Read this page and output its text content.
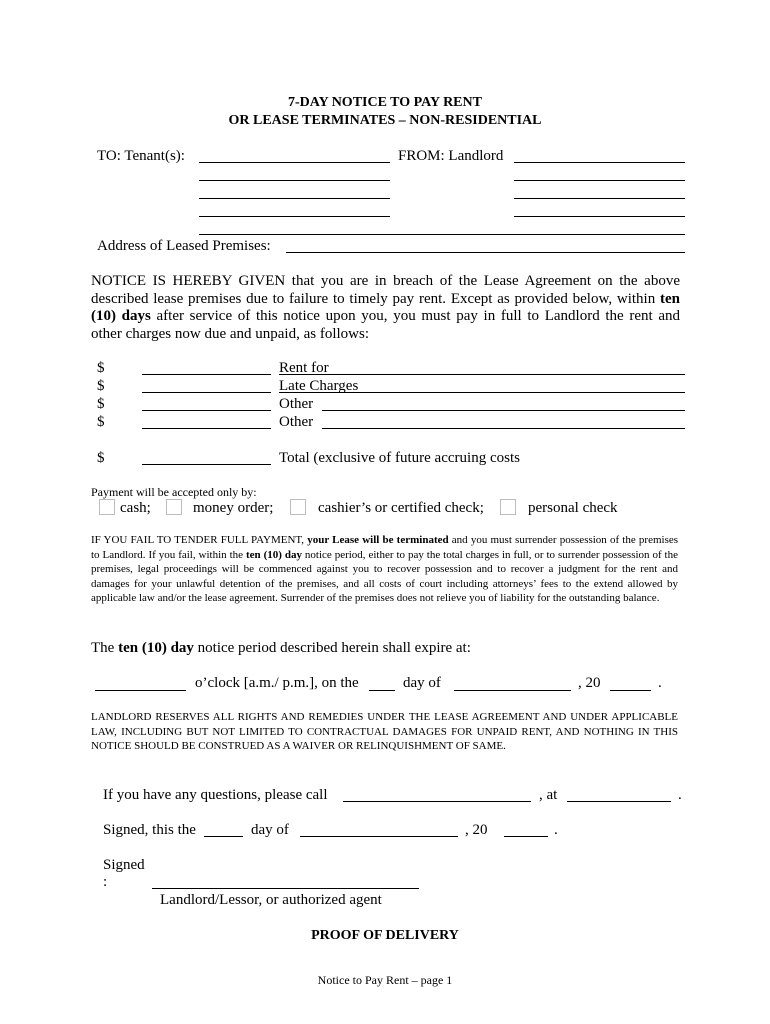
7-DAY NOTICE TO PAY RENT
OR LEASE TERMINATES – NON-RESIDENTIAL
TO: Tenant(s):	FROM: Landlord
Address of Leased Premises:
NOTICE IS HEREBY GIVEN that you are in breach of the Lease Agreement on the above described lease premises due to failure to timely pay rent. Except as provided below, within ten (10) days after service of this notice upon you, you must pay in full to Landlord the rent and other charges now due and unpaid, as follows:
$	Rent for
$	Late Charges
$	Other
$	Other
$	Total (exclusive of future accruing costs
Payment will be accepted only by:
cash;	money order;	cashier’s or certified check;	personal check
IF YOU FAIL TO TENDER FULL PAYMENT, your Lease will be terminated and you must surrender possession of the premises to Landlord. If you fail, within the ten (10) day notice period, either to pay the total charges in full, or to surrender possession of the premises, legal proceedings will be commenced against you to recover possession and to recover a judgment for the rent and damages for your unlawful detention of the premises, and all costs of court including attorneys’ fees to the extend allowed by applicable law and/or the lease agreement. Surrender of the premises does not relieve you of liability for the outstanding balance.
The ten (10) day notice period described herein shall expire at:
o’clock [a.m./ p.m.], on the	day of	, 20	.
LANDLORD RESERVES ALL RIGHTS AND REMEDIES UNDER THE LEASE AGREEMENT AND UNDER APPLICABLE LAW, INCLUDING BUT NOT LIMITED TO CONTRACTUAL DAMAGES FOR UNPAID RENT, AND NOTHING IN THIS NOTICE SHOULD BE CONSTRUED AS A WAIVER OR RELINQUISHMENT OF SAME.
If you have any questions, please call	, at	.
Signed, this the	day of	, 20	.
Signed
:
Landlord/Lessor, or authorized agent
PROOF OF DELIVERY
Notice to Pay Rent – page 1
